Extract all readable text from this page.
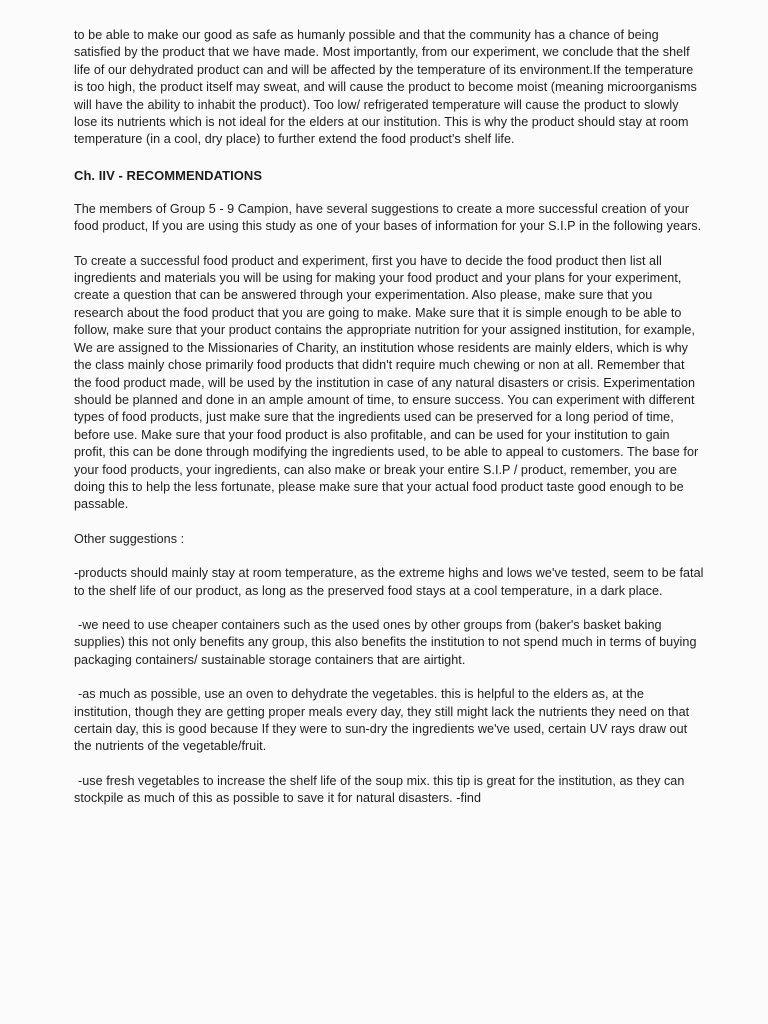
to be able to make our good as safe as humanly possible and that the community has a chance of being satisfied by the product that we have made. Most importantly, from our experiment, we conclude that the shelf life of our dehydrated product can and will be affected by the temperature of its environment.If the temperature is too high, the product itself may sweat, and will cause the product to become moist (meaning microorganisms will have the ability to inhabit the product). Too low/ refrigerated temperature will cause the product to slowly lose its nutrients which is not ideal for the elders at our institution. This is why the product should stay at room temperature (in a cool, dry place) to further extend the food product's shelf life.

Ch. IIV - RECOMMENDATIONS

The members of Group 5 - 9 Campion, have several suggestions to create a more successful creation of your food product, If you are using this study as one of your bases of information for your S.I.P in the following years.

To create a successful food product and experiment, first you have to decide the food product then list all ingredients and materials you will be using for making your food product and your plans for your experiment, create a question that can be answered through your experimentation. Also please, make sure that you research about the food product that you are going to make. Make sure that it is simple enough to be able to follow, make sure that your product contains the appropriate nutrition for your assigned institution, for example, We are assigned to the Missionaries of Charity, an institution whose residents are mainly elders, which is why the class mainly chose primarily food products that didn't require much chewing or non at all. Remember that the food product made, will be used by the institution in case of any natural disasters or crisis. Experimentation should be planned and done in an ample amount of time, to ensure success. You can experiment with different types of food products, just make sure that the ingredients used can be preserved for a long period of time, before use. Make sure that your food product is also profitable, and can be used for your institution to gain profit, this can be done through modifying the ingredients used, to be able to appeal to customers. The base for your food products, your ingredients, can also make or break your entire S.I.P / product, remember, you are doing this to help the less fortunate, please make sure that your actual food product taste good enough to be passable.

Other suggestions :

-products should mainly stay at room temperature, as the extreme highs and lows we've tested, seem to be fatal to the shelf life of our product, as long as the preserved food stays at a cool temperature, in a dark place.

-we need to use cheaper containers such as the used ones by other groups from (baker's basket baking supplies) this not only benefits any group, this also benefits the institution to not spend much in terms of buying packaging containers/ sustainable storage containers that are airtight.

-as much as possible, use an oven to dehydrate the vegetables. this is helpful to the elders as, at the institution, though they are getting proper meals every day, they still might lack the nutrients they need on that certain day, this is good because If they were to sun-dry the ingredients we've used, certain UV rays draw out the nutrients of the vegetable/fruit.

-use fresh vegetables to increase the shelf life of the soup mix. this tip is great for the institution, as they can stockpile as much of this as possible to save it for natural disasters. -find
